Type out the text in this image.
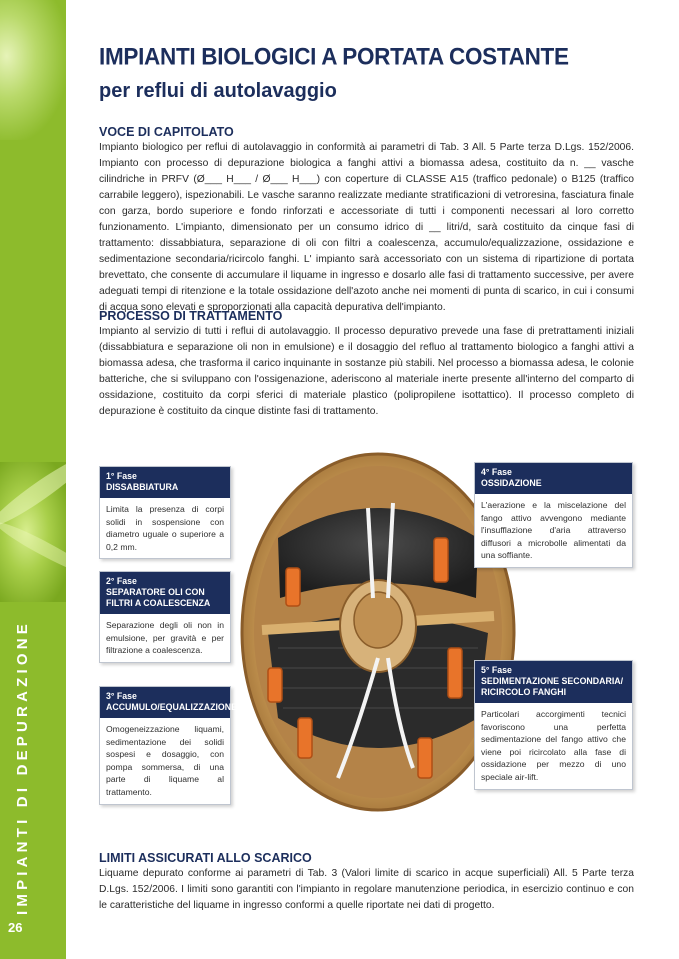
IMPIANTI DI DEPURAZIONE
26
IMPIANTI BIOLOGICI A PORTATA COSTANTE
per reflui di autolavaggio
VOCE DI CAPITOLATO
Impianto biologico per reflui di autolavaggio in conformità ai parametri di Tab. 3 All. 5 Parte terza D.Lgs. 152/2006. Impianto con processo di depurazione biologica a fanghi attivi a biomassa adesa, costituito da n. __ vasche cilindriche in PRFV (Ø___ H___ / Ø___ H___) con coperture di CLASSE A15 (traffico pedonale) o B125 (traffico carrabile leggero), ispezionabili. Le vasche saranno realizzate mediante stratificazioni di vetroresina, fasciatura finale con garza, bordo superiore e fondo rinforzati e accessoriate di tutti i componenti necessari al loro corretto funzionamento. L'impianto, dimensionato per un consumo idrico di __ litri/d, sarà costituito da cinque fasi di trattamento: dissabbiatura, separazione di oli con filtri a coalescenza, accumulo/equalizzazione, ossidazione e sedimentazione secondaria/ricircolo fanghi. L' impianto sarà accessoriato con un sistema di ripartizione di portata brevettato, che consente di accumulare il liquame in ingresso e dosarlo alle fasi di trattamento successive, per avere adeguati tempi di ritenzione e la totale ossidazione dell'azoto anche nei momenti di punta di scarico, in cui i consumi di acqua sono elevati e sproporzionati alla capacità depurativa dell'impianto.
PROCESSO DI TRATTAMENTO
Impianto al servizio di tutti i reflui di autolavaggio. Il processo depurativo prevede una fase di pretrattamenti iniziali (dissabbiatura e separazione oli non in emulsione) e il dosaggio del refluo al trattamento biologico a fanghi attivi a biomassa adesa, che trasforma il carico inquinante in sostanze più stabili. Nel processo a biomassa adesa, le colonie batteriche, che si sviluppano con l'ossigenazione, aderiscono al materiale inerte presente all'interno del comparto di ossidazione, costituito da corpi sferici di materiale plastico (polipropilene isottattico). Il processo completo di depurazione è costituito da cinque distinte fasi di trattamento.
1° Fase
DISSABBIATURA
Limita la presenza di corpi solidi in sospensione con diametro uguale o superiore a 0,2 mm.
2° Fase
SEPARATORE OLI CON FILTRI A COALESCENZA
Separazione degli oli non in emulsione, per gravità e per filtrazione a coalescenza.
3° Fase
ACCUMULO/EQUALIZZAZIONE
Omogeneizzazione liquami, sedimentazione dei solidi sospesi e dosaggio, con pompa sommersa, di una parte di liquame al trattamento.
4° Fase
OSSIDAZIONE
L'aerazione e la miscelazione del fango attivo avvengono mediante l'insufflazione d'aria attraverso diffusori a microbolle alimentati da una soffiante.
5° Fase
SEDIMENTAZIONE SECONDARIA/ RICIRCOLO FANGHI
Particolari accorgimenti tecnici favoriscono una perfetta sedimentazione del fango attivo che viene poi ricircolato alla fase di ossidazione per mezzo di uno speciale air-lift.
LIMITI ASSICURATI ALLO SCARICO
Liquame depurato conforme ai parametri di Tab. 3 (Valori limite di scarico in acque superficiali) All. 5 Parte terza D.Lgs. 152/2006. I limiti sono garantiti con l'impianto in regolare manutenzione periodica, in esercizio continuo e con le caratteristiche del liquame in ingresso conformi a quelle riportate nei dati di progetto.
